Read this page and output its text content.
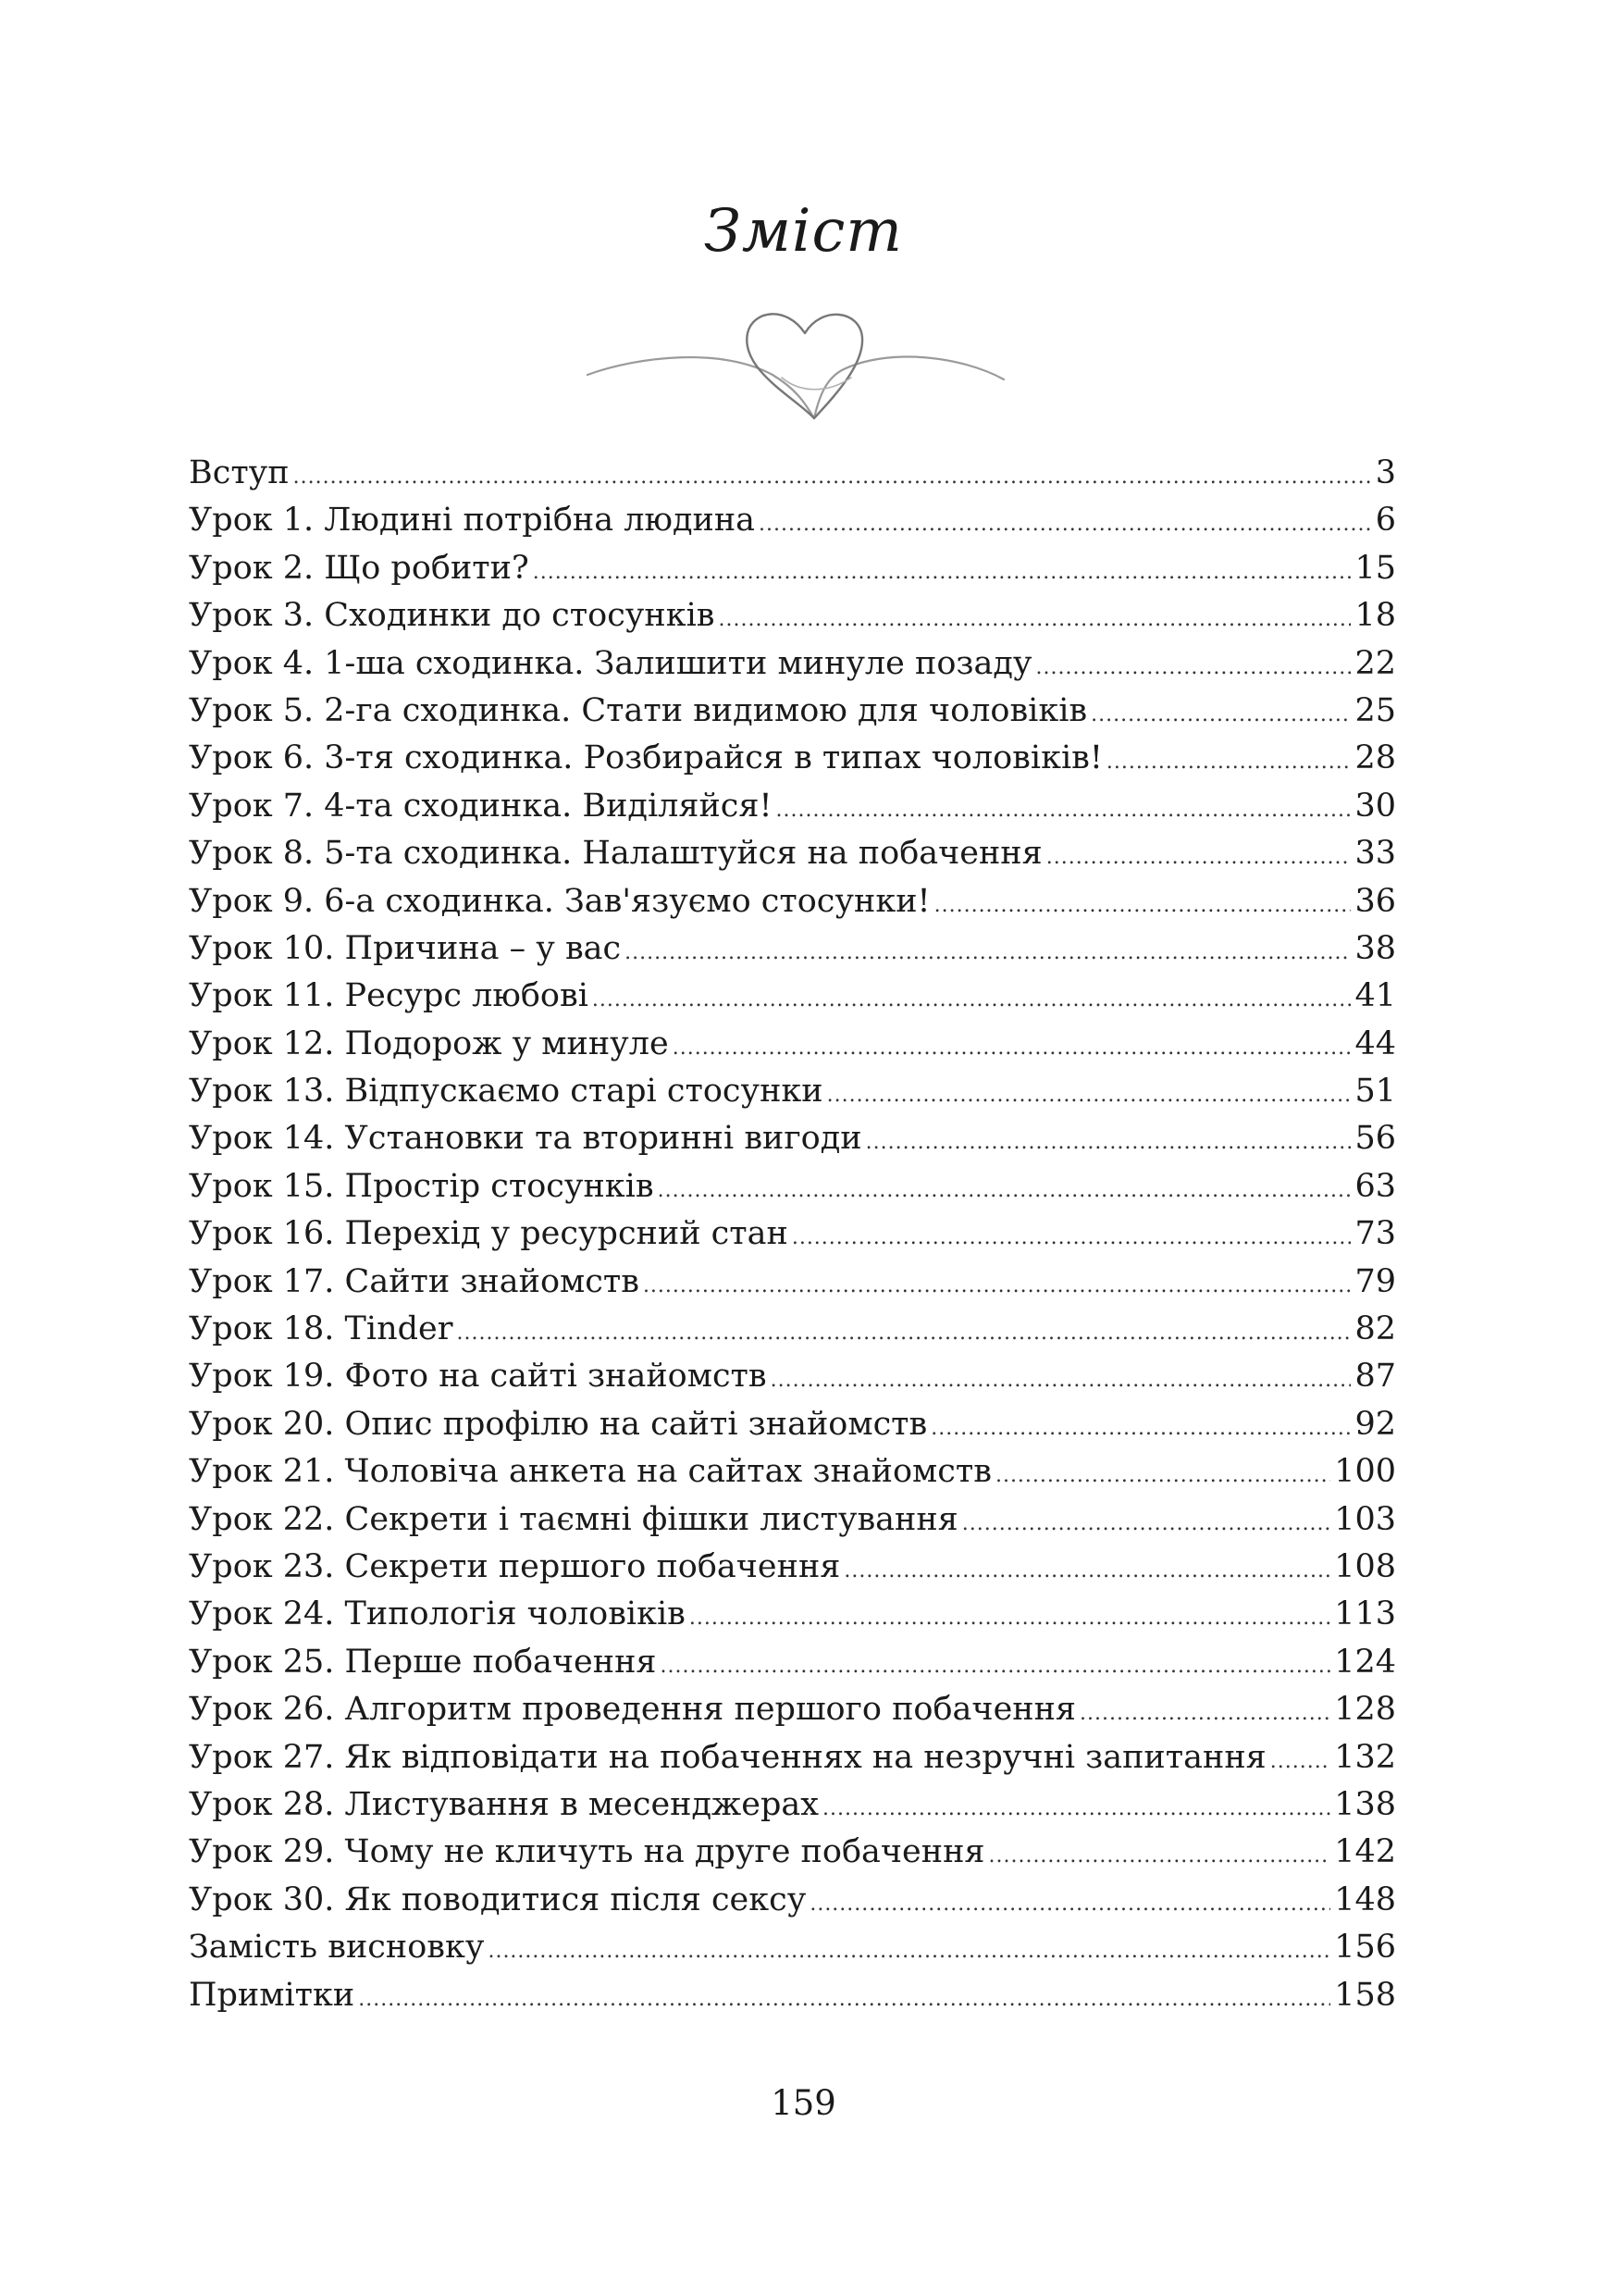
Зміст
Вступ .....	3
Урок 1. Людині потрібна людина .....	6
Урок 2. Що робити? .....	15
Урок 3. Сходинки до стосунків .....	18
Урок 4. 1-ша сходинка. Залишити минуле позаду .....	22
Урок 5. 2-га сходинка. Стати видимою для чоловіків .....	25
Урок 6. 3-тя сходинка. Розбирайся в типах чоловіків! .....	28
Урок 7. 4-та сходинка. Виділяйся! .....	30
Урок 8. 5-та сходинка. Налаштуйся на побачення .....	33
Урок 9. 6-а сходинка. Зав'язуємо стосунки! .....	36
Урок 10. Причина – у вас .....	38
Урок 11. Ресурс любові .....	41
Урок 12. Подорож у минуле .....	44
Урок 13. Відпускаємо старі стосунки .....	51
Урок 14. Установки та вторинні вигоди .....	56
Урок 15. Простір стосунків .....	63
Урок 16. Перехід у ресурсний стан .....	73
Урок 17. Сайти знайомств .....	79
Урок 18. Tinder .....	82
Урок 19. Фото на сайті знайомств .....	87
Урок 20. Опис профілю на сайті знайомств .....	92
Урок 21. Чоловіча анкета на сайтах знайомств .....	100
Урок 22. Секрети і таємні фішки листування .....	103
Урок 23. Секрети першого побачення .....	108
Урок 24. Типологія чоловіків .....	113
Урок 25. Перше побачення .....	124
Урок 26. Алгоритм проведення першого побачення .....	128
Урок 27. Як відповідати на побаченнях на незручні запитання ..... 132
Урок 28. Листування в месенджерах .....	138
Урок 29. Чому не кличуть на друге побачення .....	142
Урок 30. Як поводитися після сексу .....	148
Замість висновку .....	156
Примітки .....	158
159
